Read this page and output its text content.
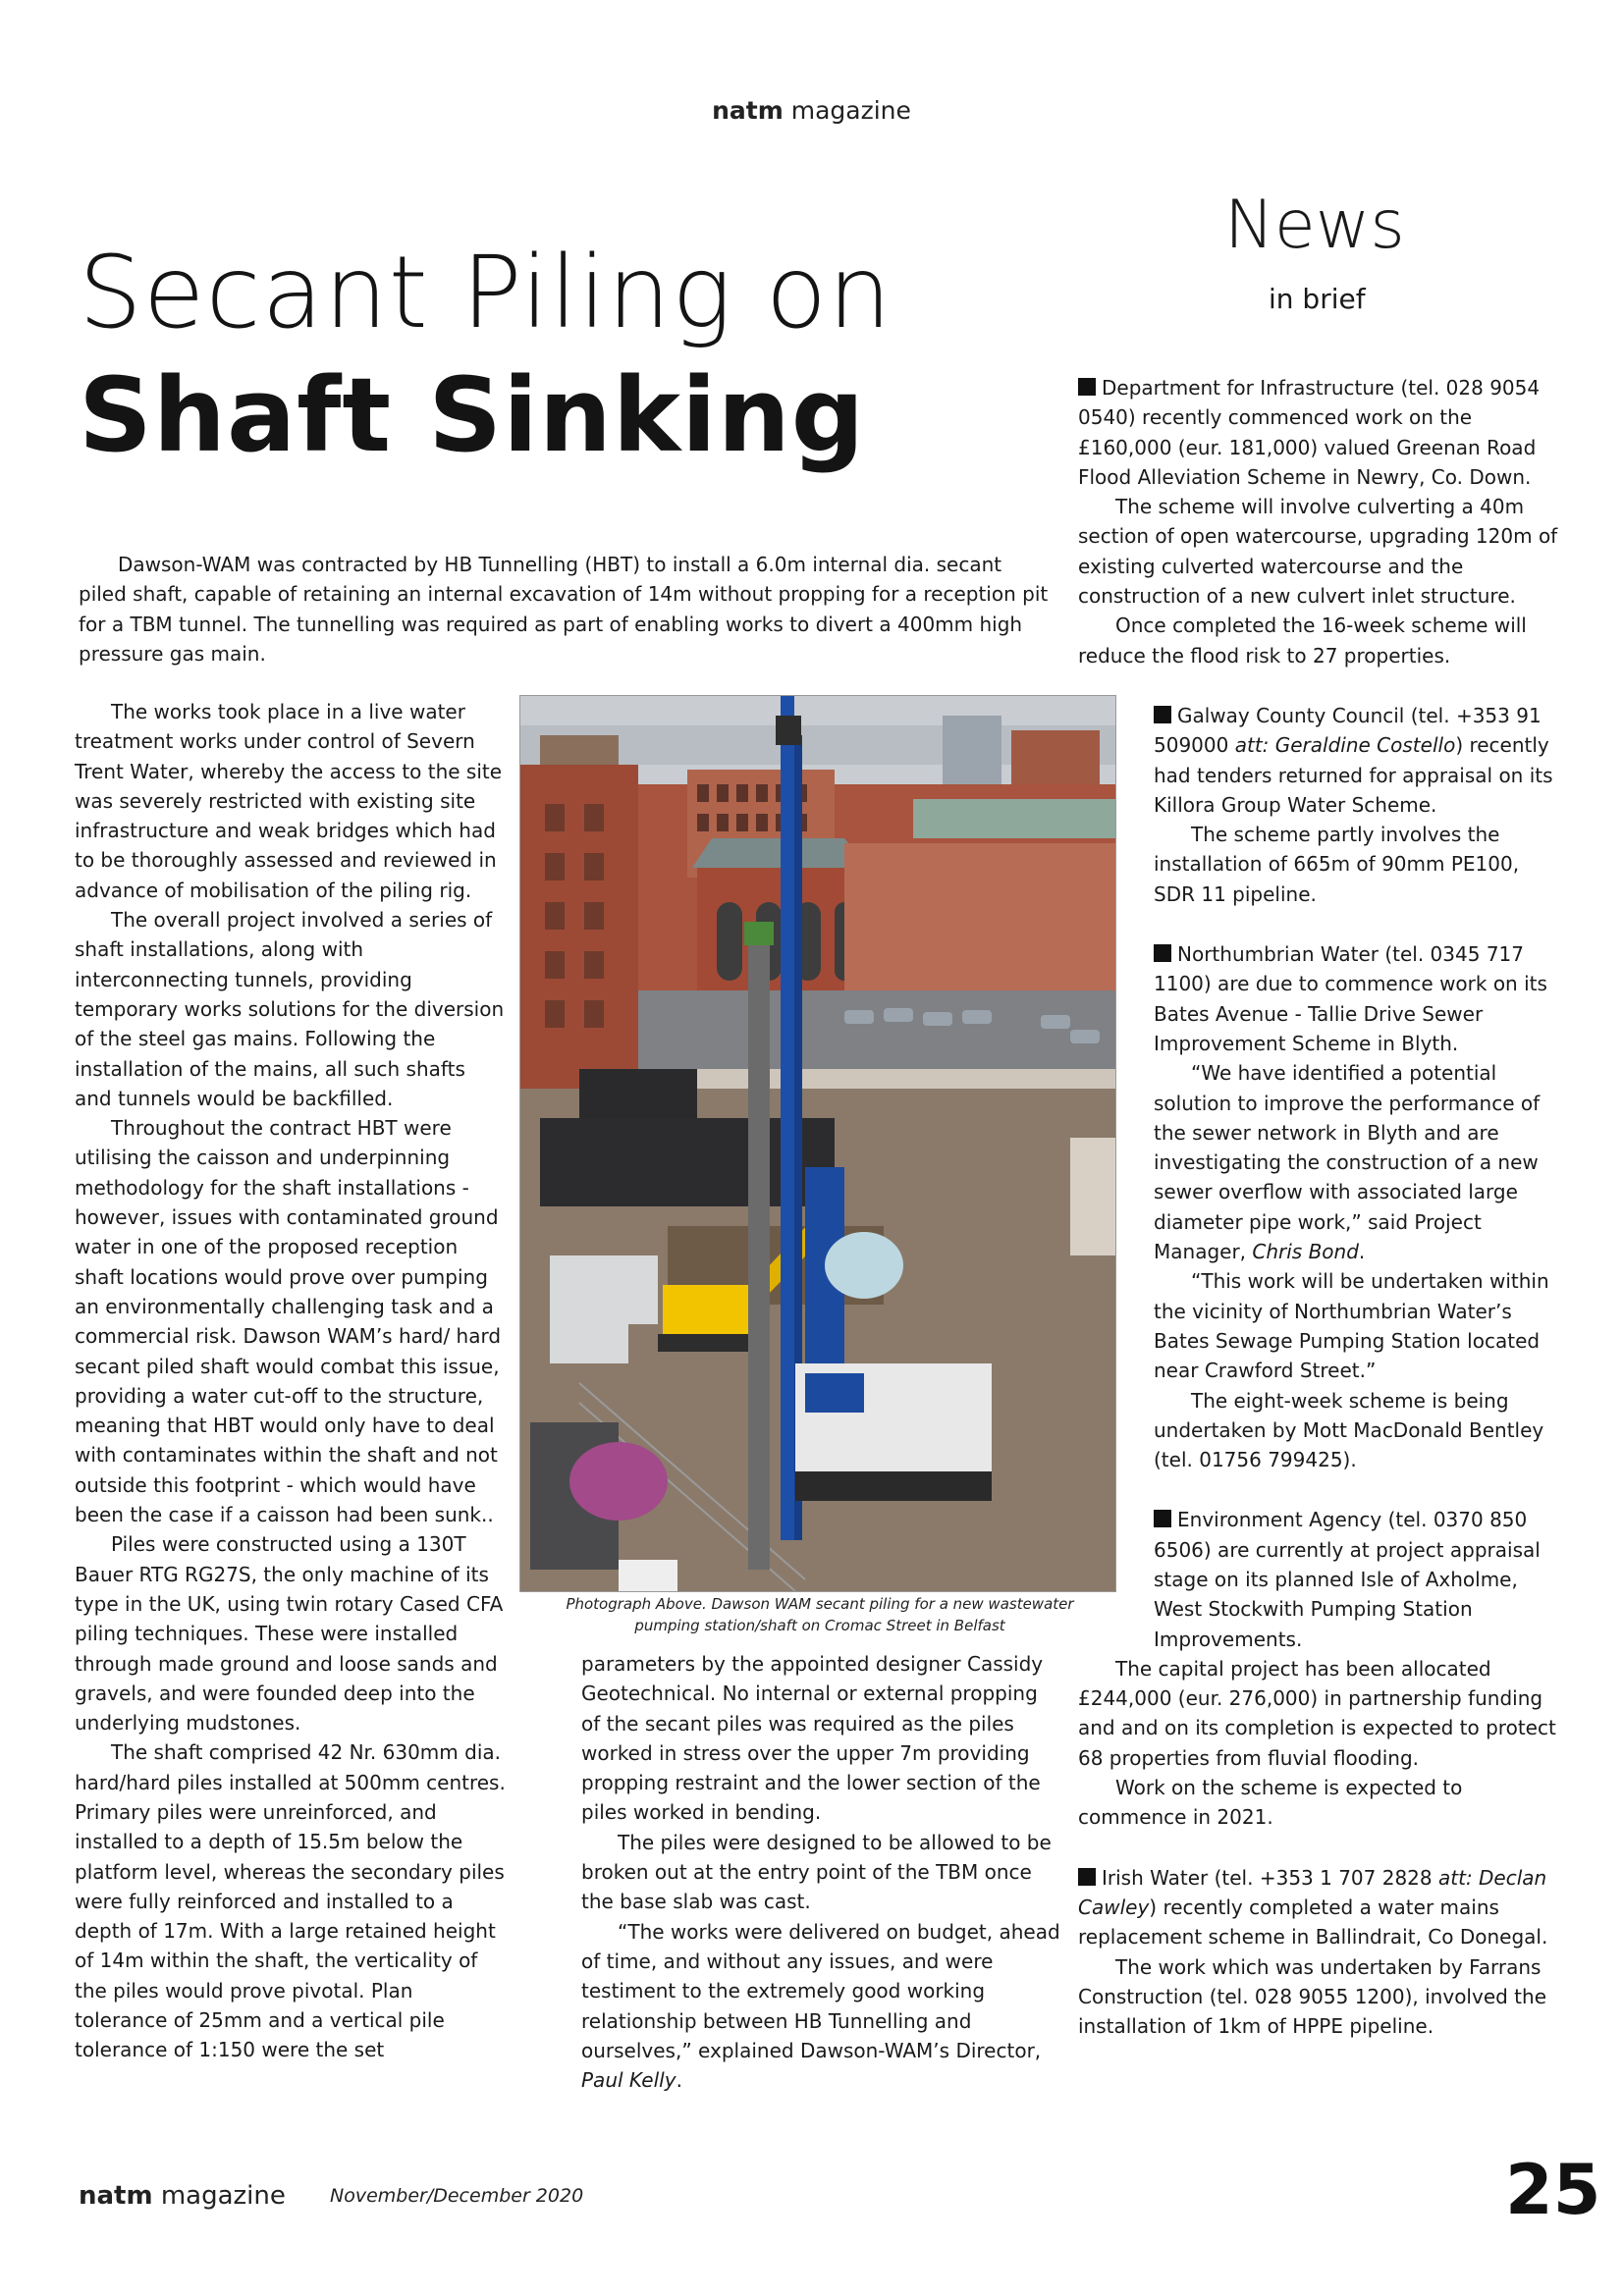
natm magazine
Secant Piling on
Shaft Sinking

Dawson-WAM was contracted by HB Tunnelling (HBT) to install a 6.0m internal dia. secant piled shaft, capable of retaining an internal excavation of 14m without propping for a reception pit for a TBM tunnel. The tunnelling was required as part of enabling works to divert a 400mm high pressure gas main.

The works took place in a live water treatment works under control of Severn Trent Water, whereby the access to the site was severely restricted with existing site infrastructure and weak bridges which had to be thoroughly assessed and reviewed in advance of mobilisation of the piling rig.

The overall project involved a series of shaft installations, along with interconnecting tunnels, providing temporary works solutions for the diversion of the steel gas mains. Following the installation of the mains, all such shafts and tunnels would be backfilled.

Throughout the contract HBT were utilising the caisson and underpinning methodology for the shaft installations - however, issues with contaminated ground water in one of the proposed reception shaft locations would prove over pumping an environmentally challenging task and a commercial risk. Dawson WAM’s hard/ hard secant piled shaft would combat this issue, providing a water cut-off to the structure, meaning that HBT would only have to deal with contaminates within the shaft and not outside this footprint - which would have been the case if a caisson had been sunk..

Piles were constructed using a 130T Bauer RTG RG27S, the only machine of its type in the UK, using twin rotary Cased CFA piling techniques. These were installed through made ground and loose sands and gravels, and were founded deep into the underlying mudstones.

The shaft comprised 42 Nr. 630mm dia. hard/hard piles installed at 500mm centres. Primary piles were unreinforced, and installed to a depth of 15.5m below the platform level, whereas the secondary piles were fully reinforced and installed to a depth of 17m. With a large retained height of 14m within the shaft, the verticality of the piles would prove pivotal. Plan tolerance of 25mm and a vertical pile tolerance of 1:150 were the set

Photograph Above. Dawson WAM secant piling for a new wastewater
pumping station/shaft on Cromac Street in Belfast

parameters by the appointed designer Cassidy Geotechnical. No internal or external propping of the secant piles was required as the piles worked in stress over the upper 7m providing propping restraint and the lower section of the piles worked in bending.

The piles were designed to be allowed to be broken out at the entry point of the TBM once the base slab was cast.

“The works were delivered on budget, ahead of time, and without any issues, and were testiment to the extremely good working relationship between HB Tunnelling and ourselves,” explained Dawson-WAM’s Director, Paul Kelly.

News
in brief

Department for Infrastructure (tel. 028 9054 0540) recently commenced work on the £160,000 (eur. 181,000) valued Greenan Road Flood Alleviation Scheme in Newry, Co. Down.

The scheme will involve culverting a 40m section of open watercourse, upgrading 120m of existing culverted watercourse and the construction of a new culvert inlet structure.

Once completed the 16-week scheme will reduce the flood risk to 27 properties.

Galway County Council (tel. +353 91 509000 att: Geraldine Costello) recently had tenders returned for appraisal on its Killora Group Water Scheme.

The scheme partly involves the installation of 665m of 90mm PE100, SDR 11 pipeline.

Northumbrian Water (tel. 0345 717 1100) are due to commence work on its Bates Avenue - Tallie Drive Sewer Improvement Scheme in Blyth.

“We have identified a potential solution to improve the performance of the sewer network in Blyth and are investigating the construction of a new sewer overflow with associated large diameter pipe work,” said Project Manager, Chris Bond.

“This work will be undertaken within the vicinity of Northumbrian Water’s Bates Sewage Pumping Station located near Crawford Street.”

The eight-week scheme is being undertaken by Mott MacDonald Bentley (tel. 01756 799425).

Environment Agency (tel. 0370 850 6506) are currently at project appraisal stage on its planned Isle of Axholme, West Stockwith Pumping Station Improvements.

The capital project has been allocated £244,000 (eur. 276,000) in partnership funding and and on its completion is expected to protect 68 properties from fluvial flooding.

Work on the scheme is expected to commence in 2021.

Irish Water (tel. +353 1 707 2828 att: Declan Cawley) recently completed a water mains replacement scheme in Ballindrait, Co Donegal.

The work which was undertaken by Farrans Construction (tel. 028 9055 1200), involved the installation of 1km of HPPE pipeline.

natm magazine November/December 2020	25
